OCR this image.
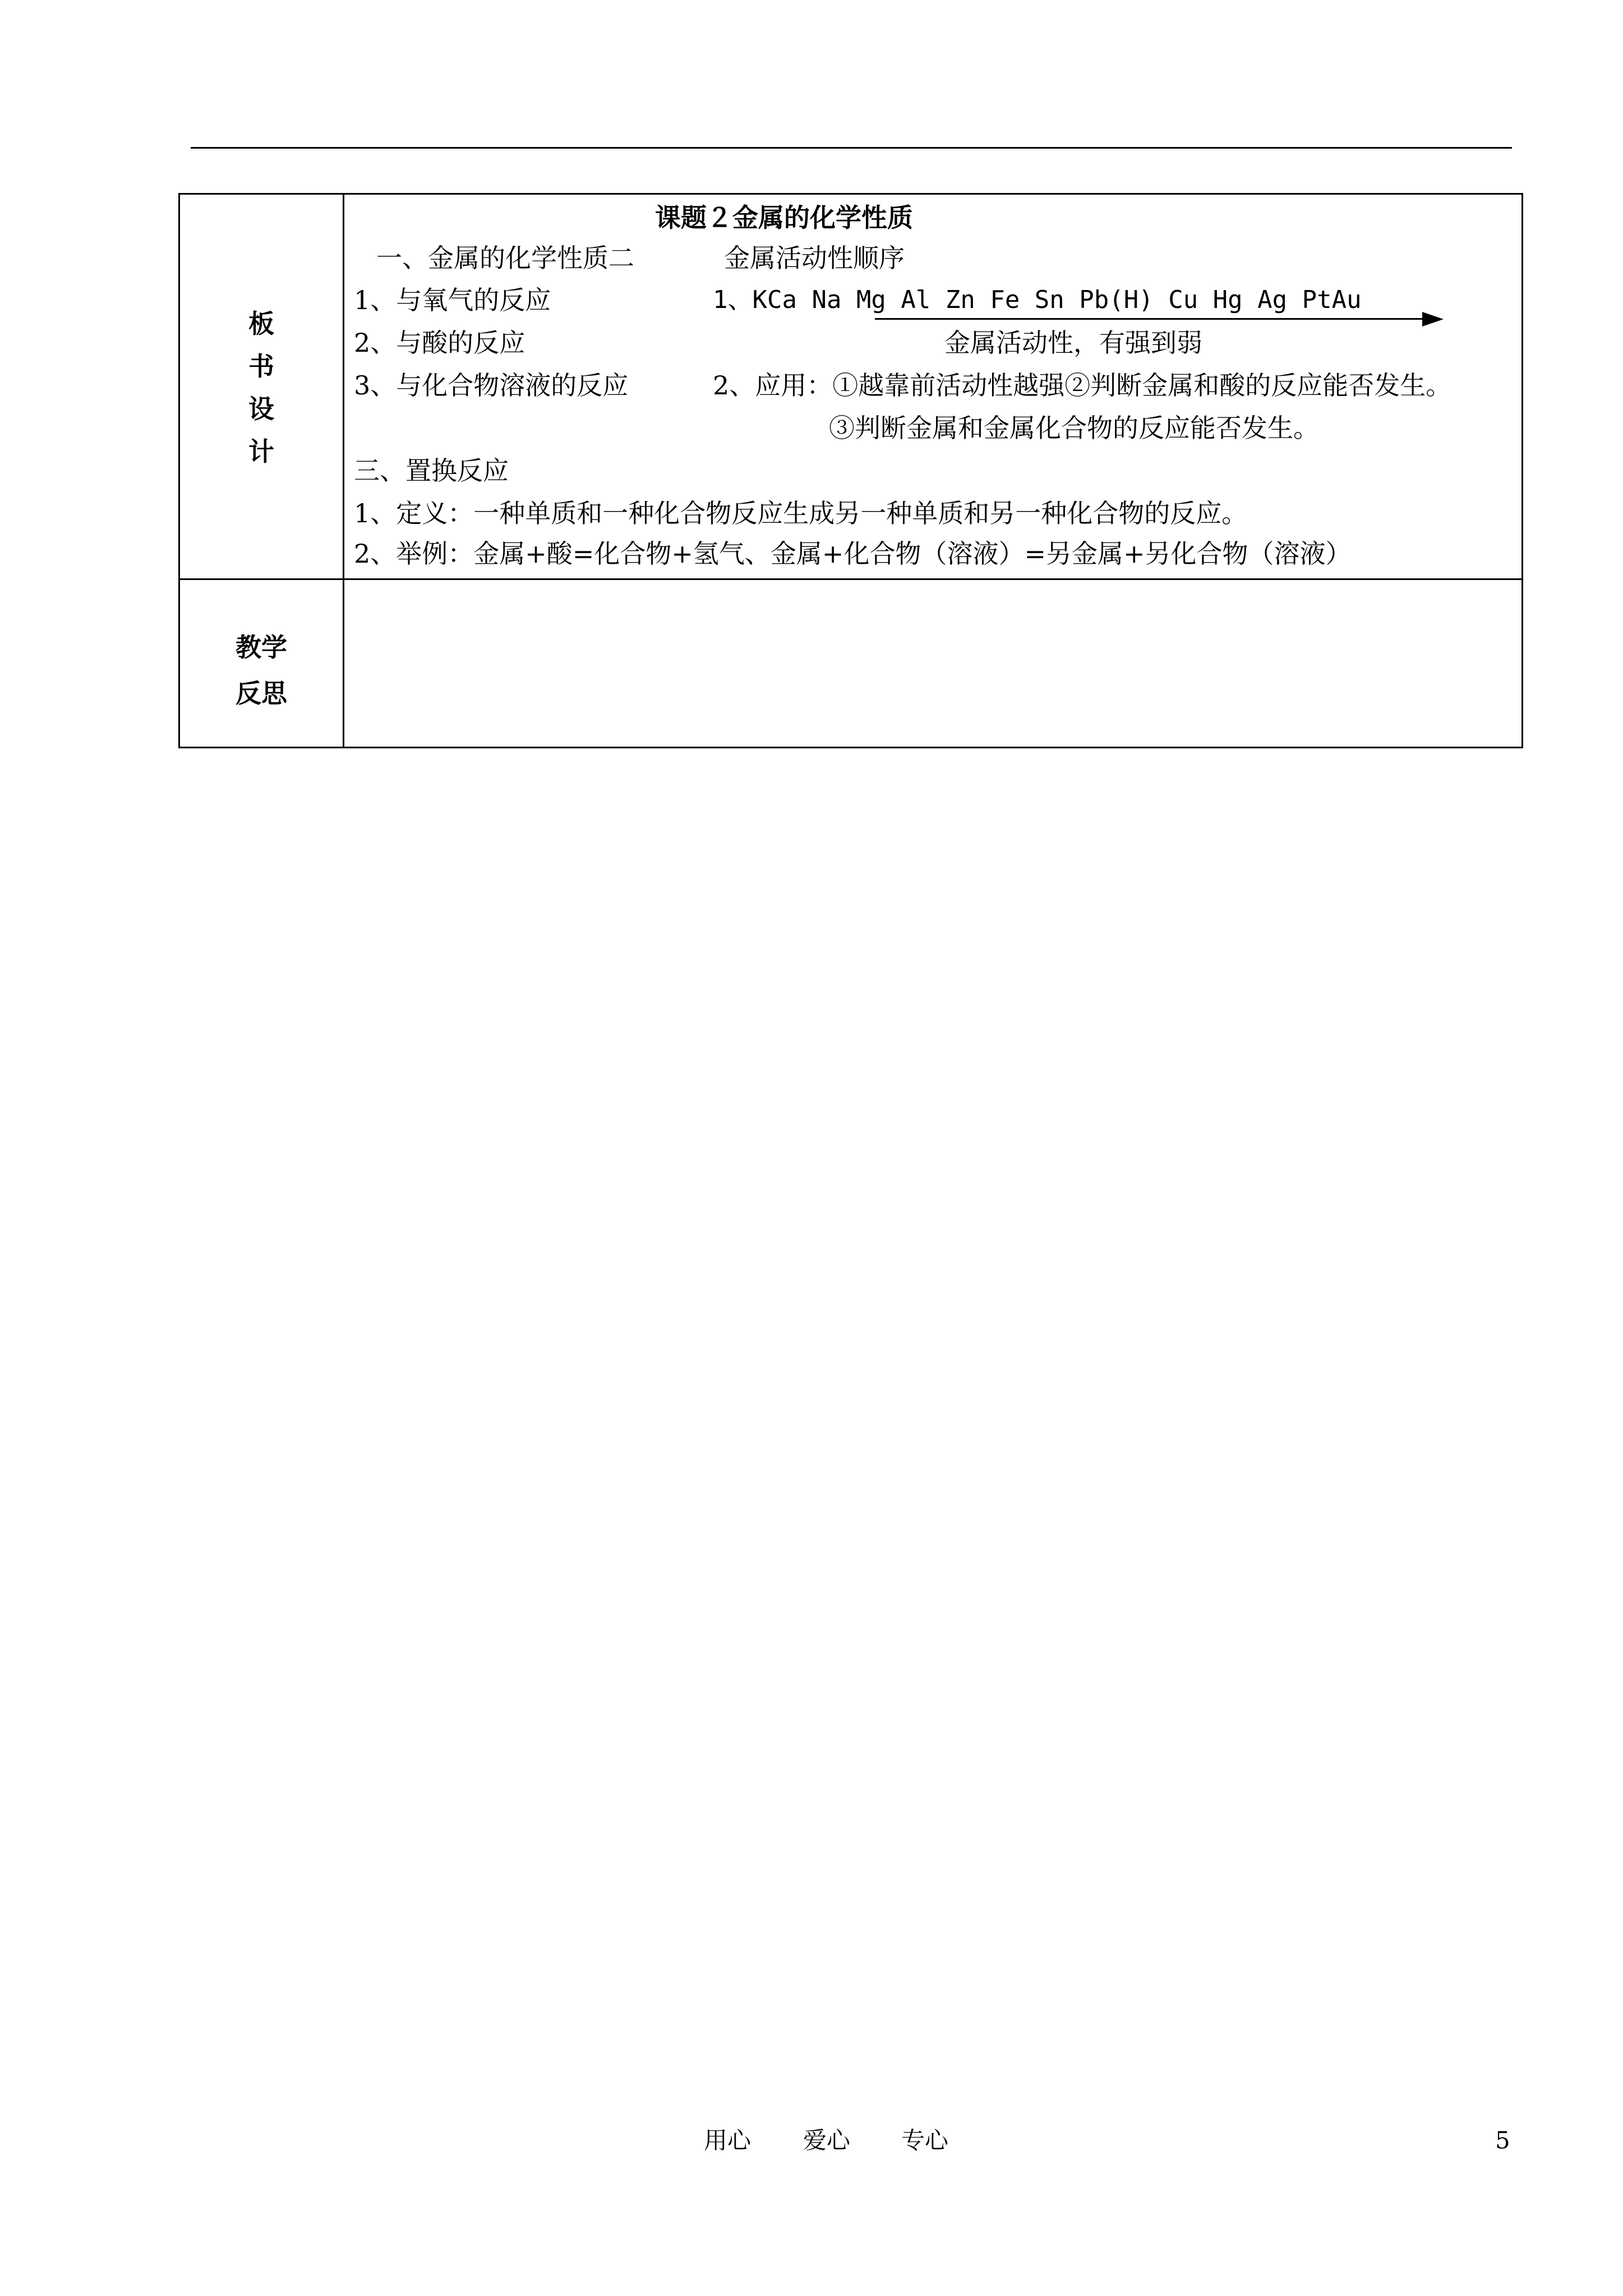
板
书
设
计
教学
反思
课题２金属的化学性质
一、金属的化学性质二	金属活动性顺序
1、与氧气的反应	1、KCa Na Mg Al Zn Fe Sn Pb(H) Cu Hg Ag PtAu
2、与酸的反应	金属活动性，有强到弱
3、与化合物溶液的反应	2、应用：①越靠前活动性越强②判断金属和酸的反应能否发生。
③判断金属和金属化合物的反应能否发生。
三、置换反应
1、定义：一种单质和一种化合物反应生成另一种单质和另一种化合物的反应。
2、举例：金属+酸=化合物+氢气、金属+化合物（溶液）=另金属+另化合物（溶液）
用心 爱心 专心	5
